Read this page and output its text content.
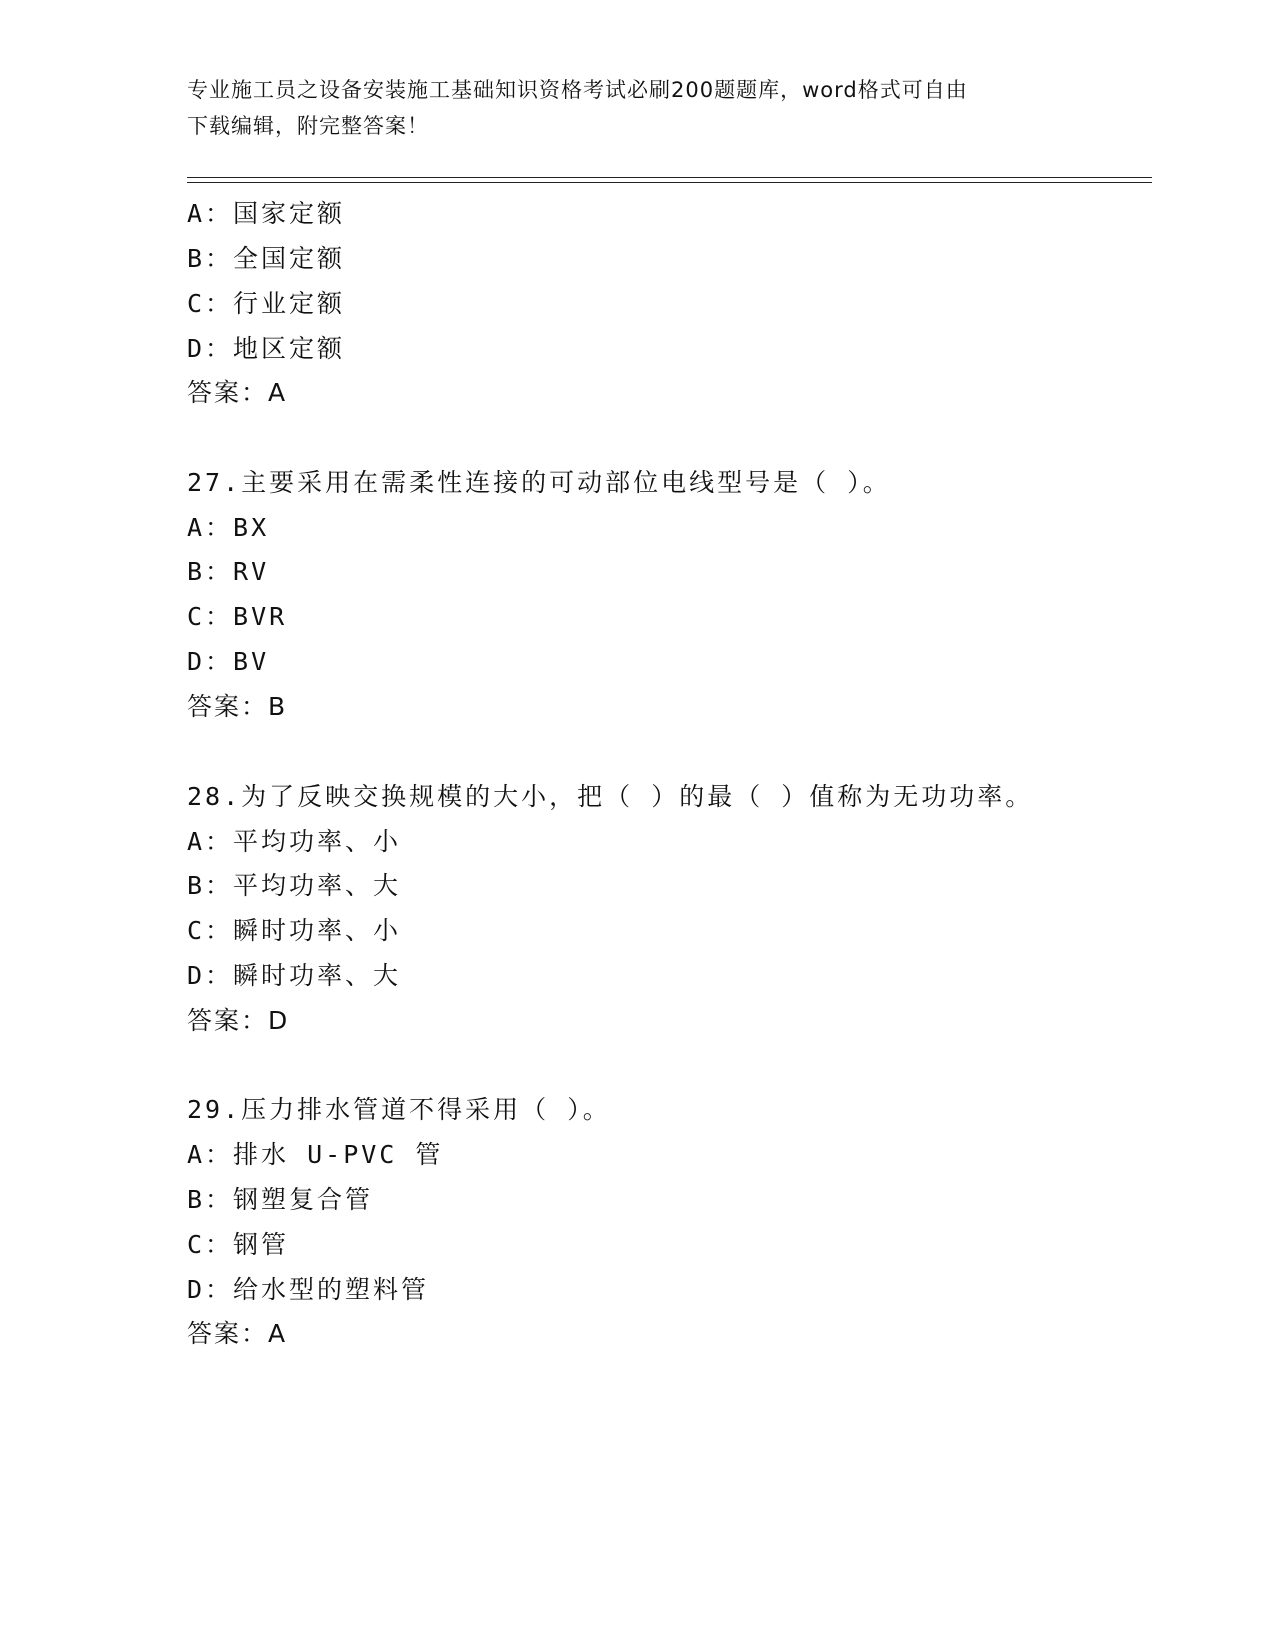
专业施工员之设备安装施工基础知识资格考试必刷200题题库，word格式可自由
下载编辑，附完整答案！
A：国家定额
B：全国定额
C：行业定额
D：地区定额
答案：A
27.主要采用在需柔性连接的可动部位电线型号是（ ）。
A：BX
B：RV
C：BVR
D：BV
答案：B
28.为了反映交换规模的大小，把（ ）的最（ ）值称为无功功率。
A：平均功率、小
B：平均功率、大
C：瞬时功率、小
D：瞬时功率、大
答案：D
29.压力排水管道不得采用（ ）。
A：排水 U-PVC 管
B：钢塑复合管
C：钢管
D：给水型的塑料管
答案：A
